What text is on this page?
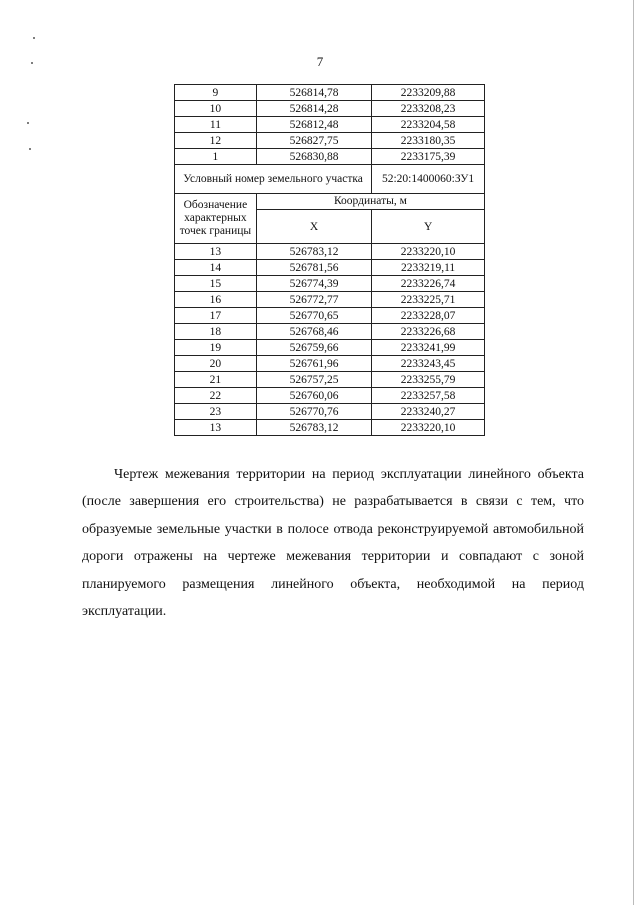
7
9	526814,78	2233209,88
10	526814,28	2233208,23
11	526812,48	2233204,58
12	526827,75	2233180,35
1	526830,88	2233175,39
Условный номер земельного участка		52:20:1400060:ЗУ1
Обозначение характерных точек границы	Координаты, м	
	X	Y
13	526783,12	2233220,10
14	526781,56	2233219,11
15	526774,39	2233226,74
16	526772,77	2233225,71
17	526770,65	2233228,07
18	526768,46	2233226,68
19	526759,66	2233241,99
20	526761,96	2233243,45
21	526757,25	2233255,79
22	526760,06	2233257,58
23	526770,76	2233240,27
13	526783,12	2233220,10

Чертеж межевания территории на период эксплуатации линейного объекта (после завершения его строительства) не разрабатывается в связи с тем, что образуемые земельные участки в полосе отвода реконструируемой автомобильной дороги отражены на чертеже межевания территории и совпадают с зоной планируемого размещения линейного объекта, необходимой на период эксплуатации.
